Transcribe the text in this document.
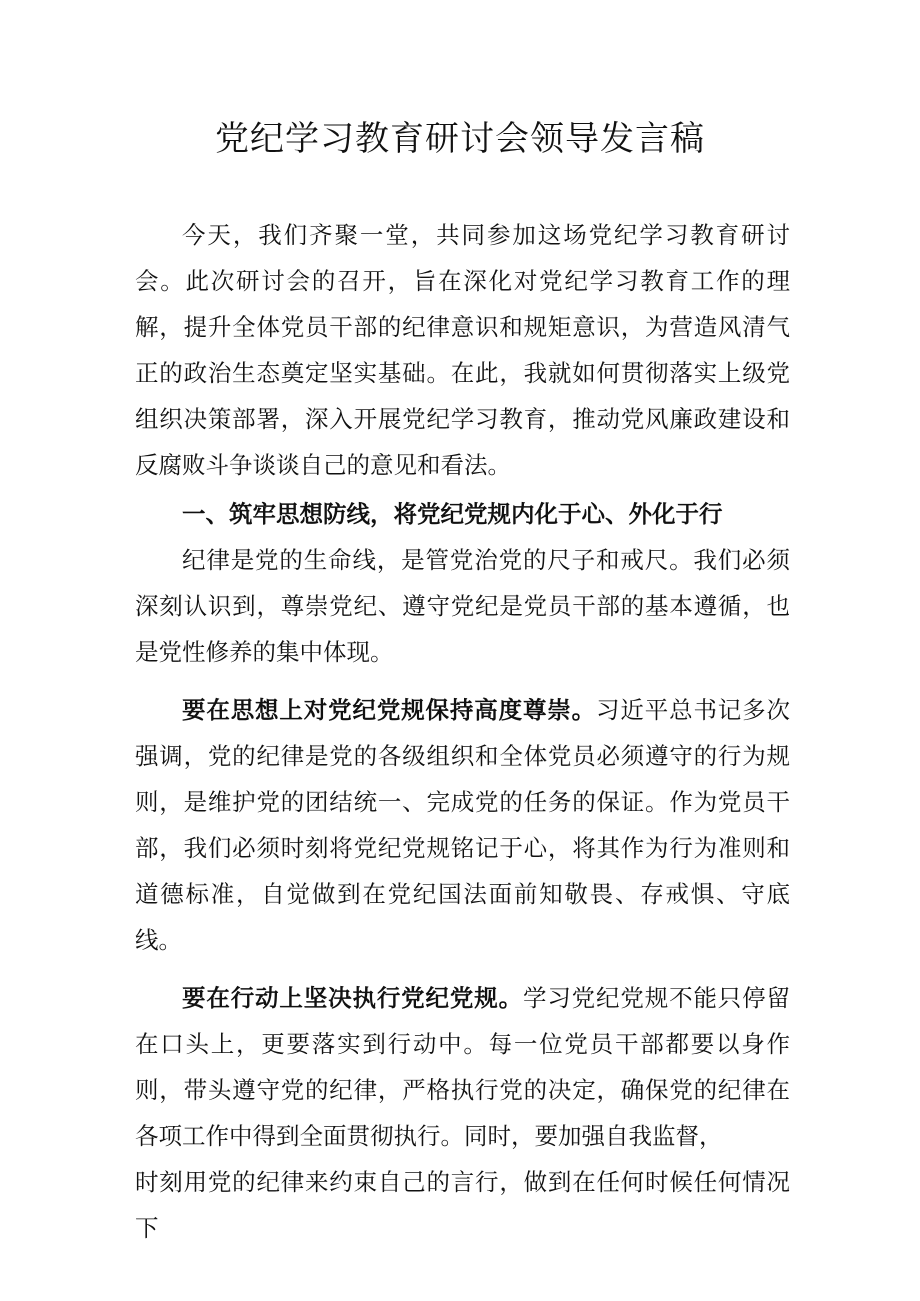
党纪学习教育研讨会领导发言稿

今天，我们齐聚一堂，共同参加这场党纪学习教育研讨会。此次研讨会的召开，旨在深化对党纪学习教育工作的理解，提升全体党员干部的纪律意识和规矩意识，为营造风清气正的政治生态奠定坚实基础。在此，我就如何贯彻落实上级党组织决策部署，深入开展党纪学习教育，推动党风廉政建设和反腐败斗争谈谈自己的意见和看法。

一、筑牢思想防线，将党纪党规内化于心、外化于行

纪律是党的生命线，是管党治党的尺子和戒尺。我们必须深刻认识到，尊崇党纪、遵守党纪是党员干部的基本遵循，也是党性修养的集中体现。

要在思想上对党纪党规保持高度尊崇。习近平总书记多次强调，党的纪律是党的各级组织和全体党员必须遵守的行为规则，是维护党的团结统一、完成党的任务的保证。作为党员干部，我们必须时刻将党纪党规铭记于心，将其作为行为准则和道德标准，自觉做到在党纪国法面前知敬畏、存戒惧、守底线。

要在行动上坚决执行党纪党规。学习党纪党规不能只停留在口头上，更要落实到行动中。每一位党员干部都要以身作则，带头遵守党的纪律，严格执行党的决定，确保党的纪律在各项工作中得到全面贯彻执行。同时，要加强自我监督，

时刻用党的纪律来约束自己的言行，做到在任何时候任何情况下
